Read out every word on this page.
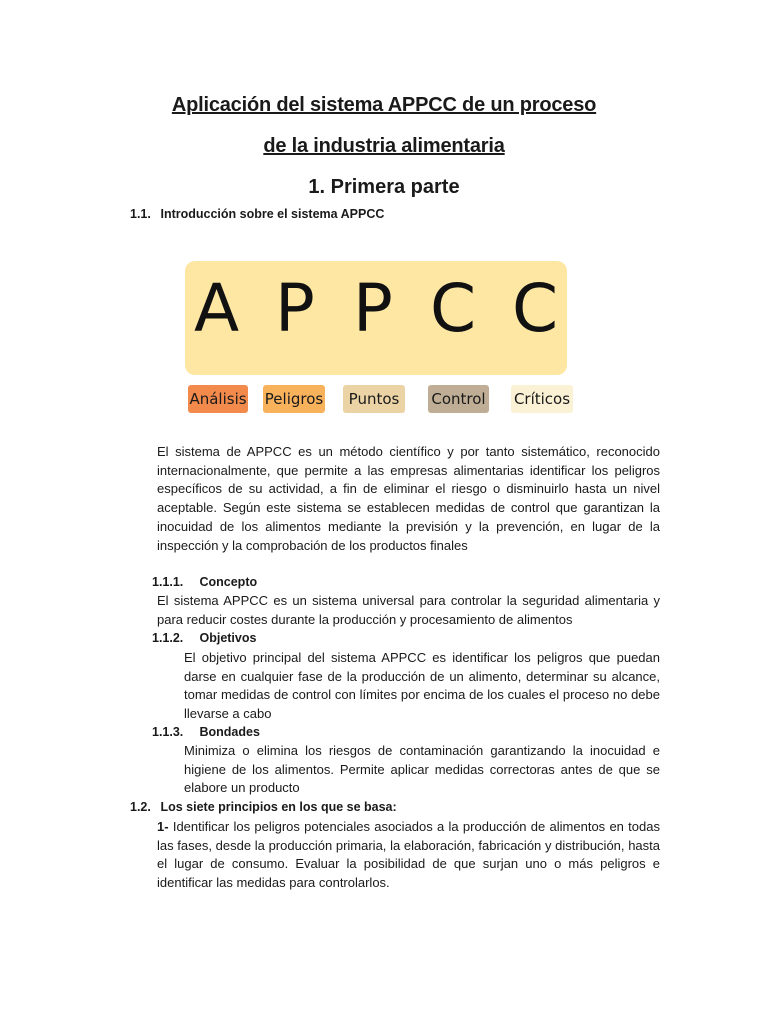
Aplicación del sistema APPCC de un proceso
de la industria alimentaria
1. Primera parte
1.1. Introducción sobre el sistema APPCC
A P P C C
Análisis Peligros	Puntos	Control Críticos

El sistema de APPCC es un método científico y por tanto sistemático, reconocido internacionalmente, que permite a las empresas alimentarias identificar los peligros específicos de su actividad, a fin de eliminar el riesgo o disminuirlo hasta un nivel aceptable. Según este sistema se establecen medidas de control que garantizan la inocuidad de los alimentos mediante la previsión y la prevención, en lugar de la inspección y la comprobación de los productos finales

1.1.1. Concepto

El sistema APPCC es un sistema universal para controlar la seguridad alimentaria y para reducir costes durante la producción y procesamiento de alimentos

1.1.2. Objetivos

El objetivo principal del sistema APPCC es identificar los peligros que puedan darse en cualquier fase de la producción de un alimento, determinar su alcance, tomar medidas de control con límites por encima de los cuales el proceso no debe llevarse a cabo

1.1.3. Bondades

Minimiza o elimina los riesgos de contaminación garantizando la inocuidad e higiene de los alimentos. Permite aplicar medidas correctoras antes de que se elabore un producto

1.2. Los siete principios en los que se basa:

1- Identificar los peligros potenciales asociados a la producción de alimentos en todas las fases, desde la producción primaria, la elaboración, fabricación y distribución, hasta el lugar de consumo. Evaluar la posibilidad de que surjan uno o más peligros e identificar las medidas para controlarlos.
